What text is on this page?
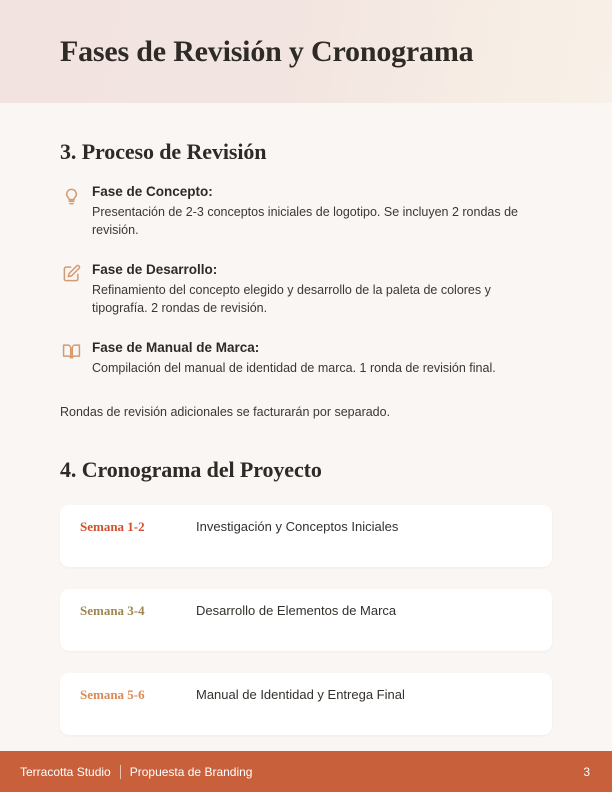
Fases de Revisión y Cronograma
3. Proceso de Revisión

Fase de Concepto:

Presentación de 2-3 conceptos iniciales de logotipo. Se incluyen 2 rondas de revisión.

Fase de Desarrollo:

Refinamiento del concepto elegido y desarrollo de la paleta de colores y tipografía. 2 rondas de revisión.

Fase de Manual de Marca:

Compilación del manual de identidad de marca. 1 ronda de revisión final.

Rondas de revisión adicionales se facturarán por separado.

4. Cronograma del Proyecto
Semana 1-2	Investigación y Conceptos Iniciales
Semana 3-4	Desarrollo de Elementos de Marca
Semana 5-6	Manual de Identidad y Entrega Final
Terracotta Studio Propuesta de Branding	3
